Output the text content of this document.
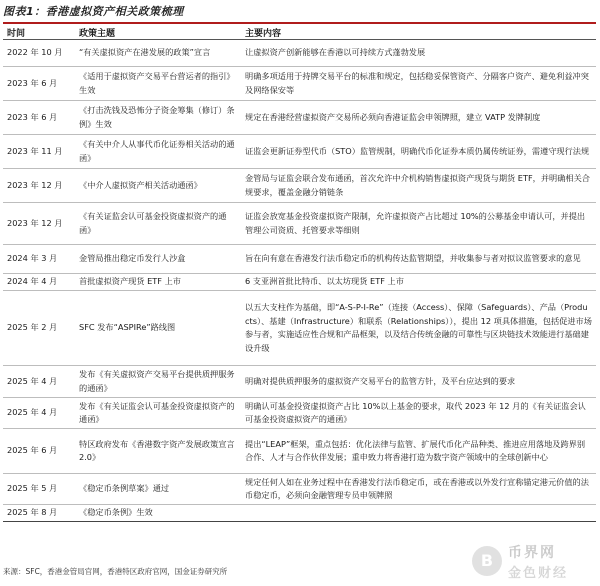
图表1：香港虚拟资产相关政策梳理
时间	政策主题	主要内容
2022 年 10 月	“有关虚拟资产在港发展的政策”宣言	让虚拟资产创新能够在香港以可持续方式蓬勃发展
2023 年 6 月	《适用于虚拟资产交易平台营运者的指引》生效	明确多项适用于持牌交易平台的标准和规定，包括稳妥保管资产、分隔客户资产、避免利益冲突及网络保安等
2023 年 6 月	《打击洗钱及恐怖分子资金筹集（修订）条例》生效	规定在香港经营虚拟资产交易所必须向香港证监会申领牌照，建立 VATP 发牌制度
2023 年 11 月	《有关中介人从事代币化证券相关活动的通函》	证监会更新证券型代币（STO）监管规制，明确代币化证券本质仍属传统证券，需遵守现行法规
2023 年 12 月	《中介人虚拟资产相关活动通函》	金管局与证监会联合发布通函，首次允许中介机构销售虚拟资产现货与期货 ETF，并明确相关合规要求，覆盖金融分销链条
2023 年 12 月	《有关证监会认可基金投资虚拟资产的通函》	证监会放宽基金投资虚拟资产限制，允许虚拟资产占比超过 10%的公募基金申请认可，并提出管理公司资质、托管要求等细则
2024 年 3 月	金管局推出稳定币发行人沙盒	旨在向有意在香港发行法币稳定币的机构传达监管期望，并收集参与者对拟议监管要求的意见
2024 年 4 月	首批虚拟资产现货 ETF 上市	6 支亚洲首批比特币、以太坊现货 ETF 上市
2025 年 2 月	SFC 发布“ASPIRe”路线图	以五大支柱作为基础，即“A-S-P-I-Re”（连接（Access）、保障（Safeguards）、产品（Products）、基建（Infrastructure）和联系（Relationships）），提出 12 项具体措施，包括促进市场参与者，实施适应性合规和产品框架，以及结合传统金融的可靠性与区块链技术效能进行基础建设升级
2025 年 4 月	发布《有关虚拟资产交易平台提供质押服务的通函》	明确对提供质押服务的虚拟资产交易平台的监管方针，及平台应达到的要求
2025 年 4 月	发布《有关证监会认可基金投资虚拟资产的通函》	明确认可基金投资虚拟资产占比 10%以上基金的要求，取代 2023 年 12 月的《有关证监会认可基金投资虚拟资产的通函》
2025 年 6 月	特区政府发布《香港数字资产发展政策宣言 2.0》	提出“LEAP”框架，重点包括：优化法律与监管、扩展代币化产品种类、推进应用落地及跨界别合作、人才与合作伙伴发展；重申致力将香港打造为数字资产领域中的全球创新中心
2025 年 5 月	《稳定币条例草案》通过	规定任何人如在业务过程中在香港发行法币稳定币，或在香港或以外发行宣称锚定港元价值的法币稳定币，必须向金融管理专员申领牌照
2025 年 8 月	《稳定币条例》生效	
来源：SFC，香港金管局官网，香港特区政府官网，国金证券研究所
B	币界网
金色财经
